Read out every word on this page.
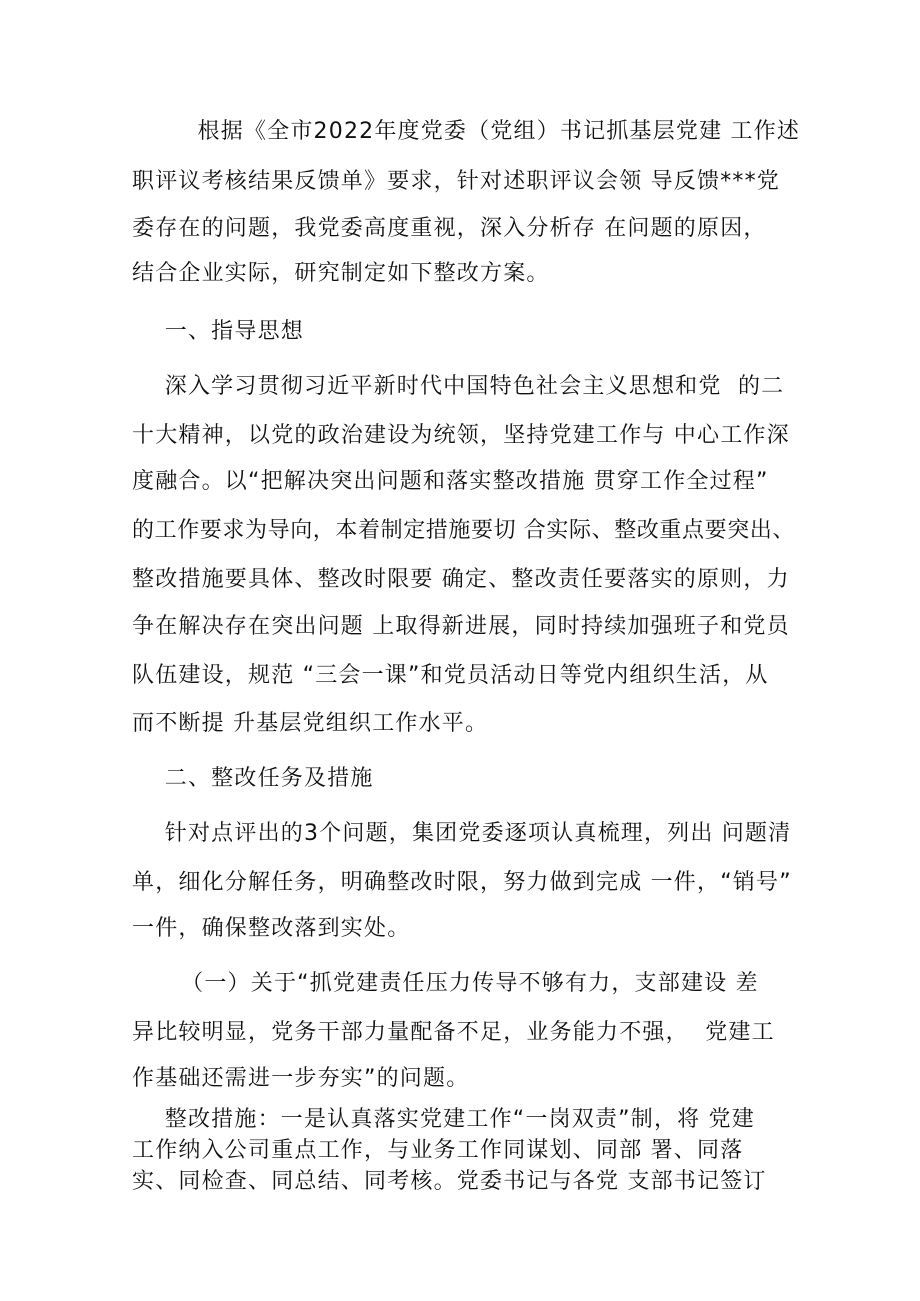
根据《全市2022年度党委（党组）书记抓基层党建 工作述
职评议考核结果反馈单》要求，针对述职评议会领 导反馈***党
委存在的问题，我党委高度重视，深入分析存 在问题的原因，
结合企业实际，研究制定如下整改方案。
一、指导思想
深入学习贯彻习近平新时代中国特色社会主义思想和党  的二
十大精神，以党的政治建设为统领，坚持党建工作与 中心工作深
度融合。以“把解决突出问题和落实整改措施 贯穿工作全过程”
的工作要求为导向，本着制定措施要切 合实际、整改重点要突出、
整改措施要具体、整改时限要 确定、整改责任要落实的原则，力
争在解决存在突出问题 上取得新进展，同时持续加强班子和党员
队伍建设，规范 “三会一课”和党员活动日等党内组织生活，从
而不断提 升基层党组织工作水平。
二、整改任务及措施
针对点评出的3个问题，集团党委逐项认真梳理，列出 问题清
单，细化分解任务，明确整改时限，努力做到完成 一件，“销号”
一件，确保整改落到实处。
（一）关于“抓党建责任压力传导不够有力，支部建设 差
异比较明显，党务干部力量配备不足，业务能力不强，  党建工
作基础还需进一步夯实”的问题。
整改措施：一是认真落实党建工作“一岗双责”制，将 党建
工作纳入公司重点工作，与业务工作同谋划、同部 署、同落
实、同检查、同总结、同考核。党委书记与各党 支部书记签订
